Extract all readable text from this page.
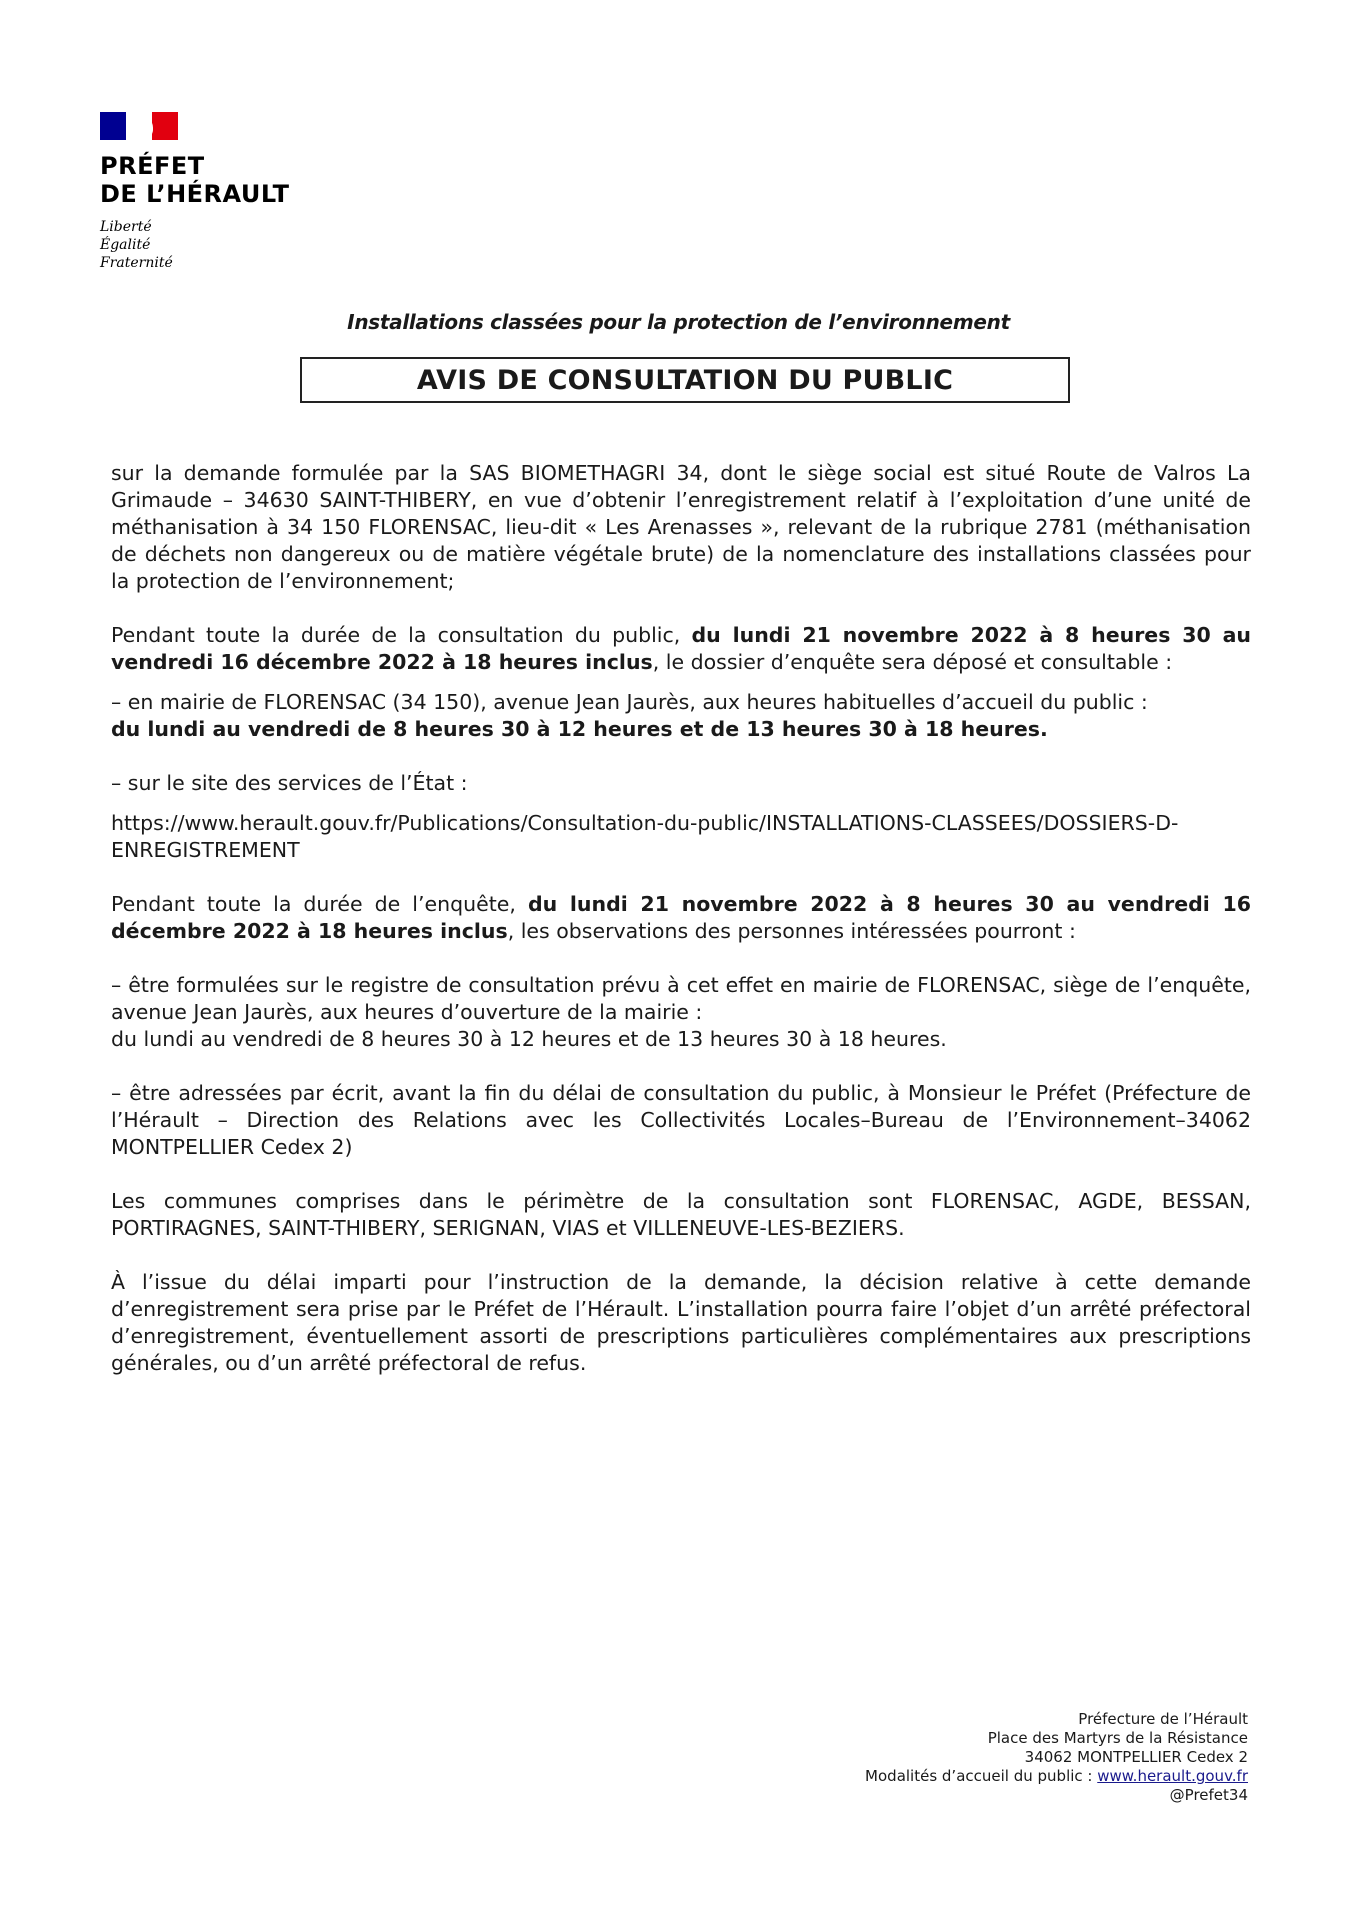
PRÉFET
DE L’HÉRAULT
Liberté
Égalité
Fraternité
Installations classées pour la protection de l’environnement
AVIS DE CONSULTATION DU PUBLIC

sur la demande formulée par la SAS BIOMETHAGRI 34, dont le siège social est situé Route de Valros La Grimaude – 34630 SAINT-THIBERY, en vue d’obtenir l’enregistrement relatif à l’exploitation d’une unité de méthanisation à 34 150 FLORENSAC, lieu-dit « Les Arenasses », relevant de la rubrique 2781 (méthanisation de déchets non dangereux ou de matière végétale brute) de la nomenclature des installations classées pour la protection de l’environnement;

Pendant toute la durée de la consultation du public, du lundi 21 novembre 2022 à 8 heures 30 au vendredi 16 décembre 2022 à 18 heures inclus, le dossier d’enquête sera déposé et consultable :

– en mairie de FLORENSAC (34 150), avenue Jean Jaurès, aux heures habituelles d’accueil du public :

du lundi au vendredi de 8 heures 30 à 12 heures et de 13 heures 30 à 18 heures.

– sur le site des services de l’État :

https://www.herault.gouv.fr/Publications/Consultation-du-public/INSTALLATIONS-CLASSEES/DOSSIERS-D-ENREGISTREMENT

Pendant toute la durée de l’enquête, du lundi 21 novembre 2022 à 8 heures 30 au vendredi 16 décembre 2022 à 18 heures inclus, les observations des personnes intéressées pourront :

– être formulées sur le registre de consultation prévu à cet effet en mairie de FLORENSAC, siège de l’enquête, avenue Jean Jaurès, aux heures d’ouverture de la mairie :

du lundi au vendredi de 8 heures 30 à 12 heures et de 13 heures 30 à 18 heures.

– être adressées par écrit, avant la fin du délai de consultation du public, à Monsieur le Préfet (Préfecture de l’Hérault – Direction des Relations avec les Collectivités Locales–Bureau de l’Environnement–34062 MONTPELLIER Cedex 2)

Les communes comprises dans le périmètre de la consultation sont FLORENSAC, AGDE, BESSAN, PORTIRAGNES, SAINT-THIBERY, SERIGNAN, VIAS et VILLENEUVE-LES-BEZIERS.

À l’issue du délai imparti pour l’instruction de la demande, la décision relative à cette demande d’enregistrement sera prise par le Préfet de l’Hérault. L’installation pourra faire l’objet d’un arrêté préfectoral d’enregistrement, éventuellement assorti de prescriptions particulières complémentaires aux prescriptions générales, ou d’un arrêté préfectoral de refus.

Préfecture de l’Hérault
Place des Martyrs de la Résistance
34062 MONTPELLIER Cedex 2
Modalités d’accueil du public : www.herault.gouv.fr
@Prefet34
